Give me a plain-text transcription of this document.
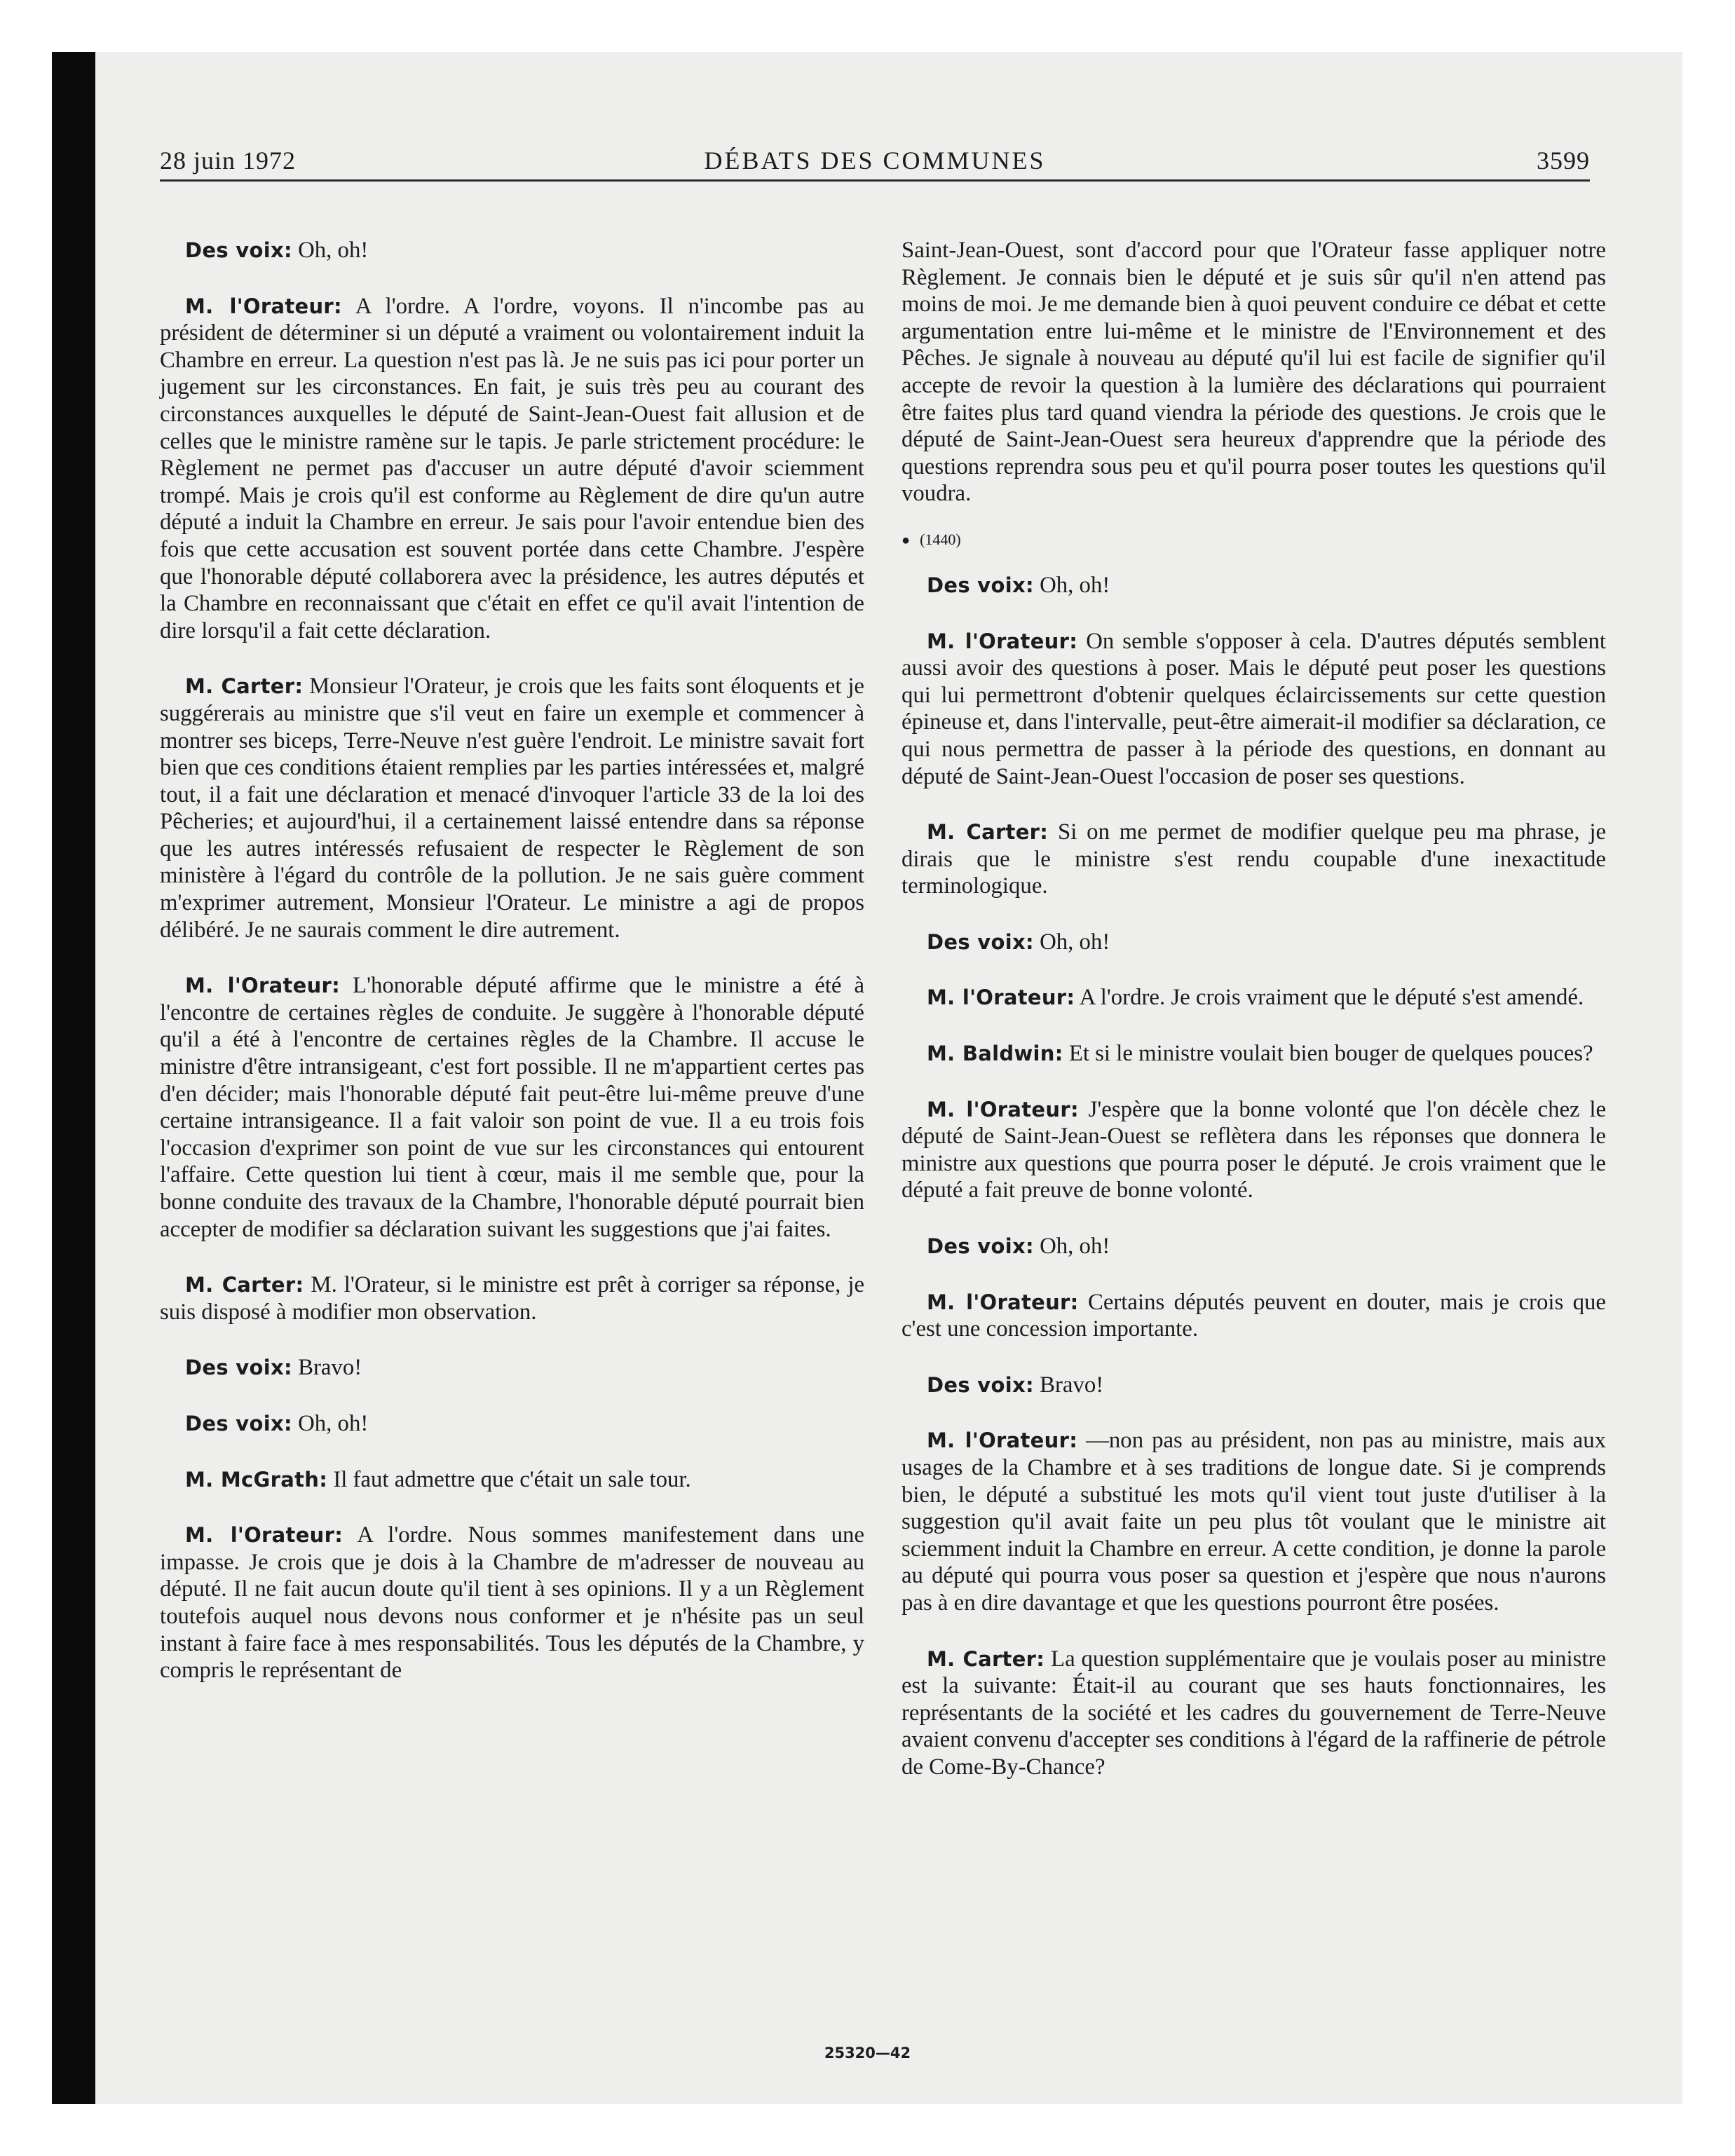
28 juin 1972	DÉBATS DES COMMUNES	3599

Des voix: Oh, oh!

M. l'Orateur: A l'ordre. A l'ordre, voyons. Il n'incombe pas au président de déterminer si un député a vraiment ou volontairement induit la Chambre en erreur. La question n'est pas là. Je ne suis pas ici pour porter un jugement sur les circonstances. En fait, je suis très peu au courant des circonstances auxquelles le député de Saint-Jean-Ouest fait allusion et de celles que le ministre ramène sur le tapis. Je parle strictement procédure: le Règlement ne permet pas d'accuser un autre député d'avoir sciemment trompé. Mais je crois qu'il est conforme au Règlement de dire qu'un autre député a induit la Chambre en erreur. Je sais pour l'avoir entendue bien des fois que cette accusation est souvent portée dans cette Chambre. J'espère que l'honorable député collaborera avec la présidence, les autres députés et la Chambre en reconnaissant que c'était en effet ce qu'il avait l'intention de dire lorsqu'il a fait cette déclaration.

M. Carter: Monsieur l'Orateur, je crois que les faits sont éloquents et je suggérerais au ministre que s'il veut en faire un exemple et commencer à montrer ses biceps, Terre-Neuve n'est guère l'endroit. Le ministre savait fort bien que ces conditions étaient remplies par les parties intéressées et, malgré tout, il a fait une déclaration et menacé d'invoquer l'article 33 de la loi des Pêcheries; et aujourd'hui, il a certainement laissé entendre dans sa réponse que les autres intéressés refusaient de respecter le Règlement de son ministère à l'égard du contrôle de la pollution. Je ne sais guère comment m'exprimer autrement, Monsieur l'Orateur. Le ministre a agi de propos délibéré. Je ne saurais comment le dire autrement.

M. l'Orateur: L'honorable député affirme que le ministre a été à l'encontre de certaines règles de conduite. Je suggère à l'honorable député qu'il a été à l'encontre de certaines règles de la Chambre. Il accuse le ministre d'être intransigeant, c'est fort possible. Il ne m'appartient certes pas d'en décider; mais l'honorable député fait peut-être lui-même preuve d'une certaine intransigeance. Il a fait valoir son point de vue. Il a eu trois fois l'occasion d'exprimer son point de vue sur les circonstances qui entourent l'affaire. Cette question lui tient à cœur, mais il me semble que, pour la bonne conduite des travaux de la Chambre, l'honorable député pourrait bien accepter de modifier sa déclaration suivant les suggestions que j'ai faites.

M. Carter: M. l'Orateur, si le ministre est prêt à corriger sa réponse, je suis disposé à modifier mon observation.

Des voix: Bravo!

Des voix: Oh, oh!

M. McGrath: Il faut admettre que c'était un sale tour.

M. l'Orateur: A l'ordre. Nous sommes manifestement dans une impasse. Je crois que je dois à la Chambre de m'adresser de nouveau au député. Il ne fait aucun doute qu'il tient à ses opinions. Il y a un Règlement toutefois auquel nous devons nous conformer et je n'hésite pas un seul instant à faire face à mes responsabilités. Tous les députés de la Chambre, y compris le représentant de

Saint-Jean-Ouest, sont d'accord pour que l'Orateur fasse appliquer notre Règlement. Je connais bien le député et je suis sûr qu'il n'en attend pas moins de moi. Je me demande bien à quoi peuvent conduire ce débat et cette argumentation entre lui-même et le ministre de l'Environnement et des Pêches. Je signale à nouveau au député qu'il lui est facile de signifier qu'il accepte de revoir la question à la lumière des déclarations qui pourraient être faites plus tard quand viendra la période des questions. Je crois que le député de Saint-Jean-Ouest sera heureux d'apprendre que la période des questions reprendra sous peu et qu'il pourra poser toutes les questions qu'il voudra.

● (1440)

Des voix: Oh, oh!

M. l'Orateur: On semble s'opposer à cela. D'autres députés semblent aussi avoir des questions à poser. Mais le député peut poser les questions qui lui permettront d'obtenir quelques éclaircissements sur cette question épineuse et, dans l'intervalle, peut-être aimerait-il modifier sa déclaration, ce qui nous permettra de passer à la période des questions, en donnant au député de Saint-Jean-Ouest l'occasion de poser ses questions.

M. Carter: Si on me permet de modifier quelque peu ma phrase, je dirais que le ministre s'est rendu coupable d'une inexactitude terminologique.

Des voix: Oh, oh!

M. l'Orateur: A l'ordre. Je crois vraiment que le député s'est amendé.

M. Baldwin: Et si le ministre voulait bien bouger de quelques pouces?

M. l'Orateur: J'espère que la bonne volonté que l'on décèle chez le député de Saint-Jean-Ouest se reflètera dans les réponses que donnera le ministre aux questions que pourra poser le député. Je crois vraiment que le député a fait preuve de bonne volonté.

Des voix: Oh, oh!

M. l'Orateur: Certains députés peuvent en douter, mais je crois que c'est une concession importante.

Des voix: Bravo!

M. l'Orateur: —non pas au président, non pas au ministre, mais aux usages de la Chambre et à ses traditions de longue date. Si je comprends bien, le député a substitué les mots qu'il vient tout juste d'utiliser à la suggestion qu'il avait faite un peu plus tôt voulant que le ministre ait sciemment induit la Chambre en erreur. A cette condition, je donne la parole au député qui pourra vous poser sa question et j'espère que nous n'aurons pas à en dire davantage et que les questions pourront être posées.

M. Carter: La question supplémentaire que je voulais poser au ministre est la suivante: Était-il au courant que ses hauts fonctionnaires, les représentants de la société et les cadres du gouvernement de Terre-Neuve avaient convenu d'accepter ses conditions à l'égard de la raffinerie de pétrole de Come-By-Chance?

25320—42
